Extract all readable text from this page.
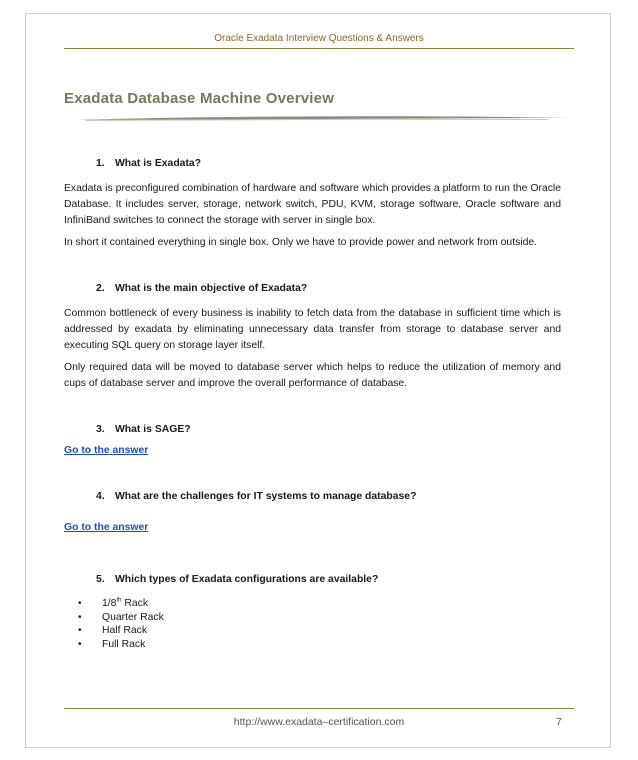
Oracle Exadata Interview Questions & Answers
Exadata Database Machine Overview
1. What is Exadata?

Exadata is preconfigured combination of hardware and software which provides a platform to run the Oracle Database. It includes server, storage, network switch, PDU, KVM, storage software, Oracle software and InfiniBand switches to connect the storage with server in single box.

In short it contained everything in single box. Only we have to provide power and network from outside.

2. What is the main objective of Exadata?

Common bottleneck of every business is inability to fetch data from the database in sufficient time which is addressed by exadata by eliminating unnecessary data transfer from storage to database server and executing SQL query on storage layer itself.

Only required data will be moved to database server which helps to reduce the utilization of memory and cups of database server and improve the overall performance of database.

3. What is SAGE?
Go to the answer
4. What are the challenges for IT systems to manage database?
Go to the answer
5. Which types of Exadata configurations are available?
•	1/8th Rack
•	Quarter Rack
•	Half Rack
•	Full Rack
http://www.exadata–certification.com	7
